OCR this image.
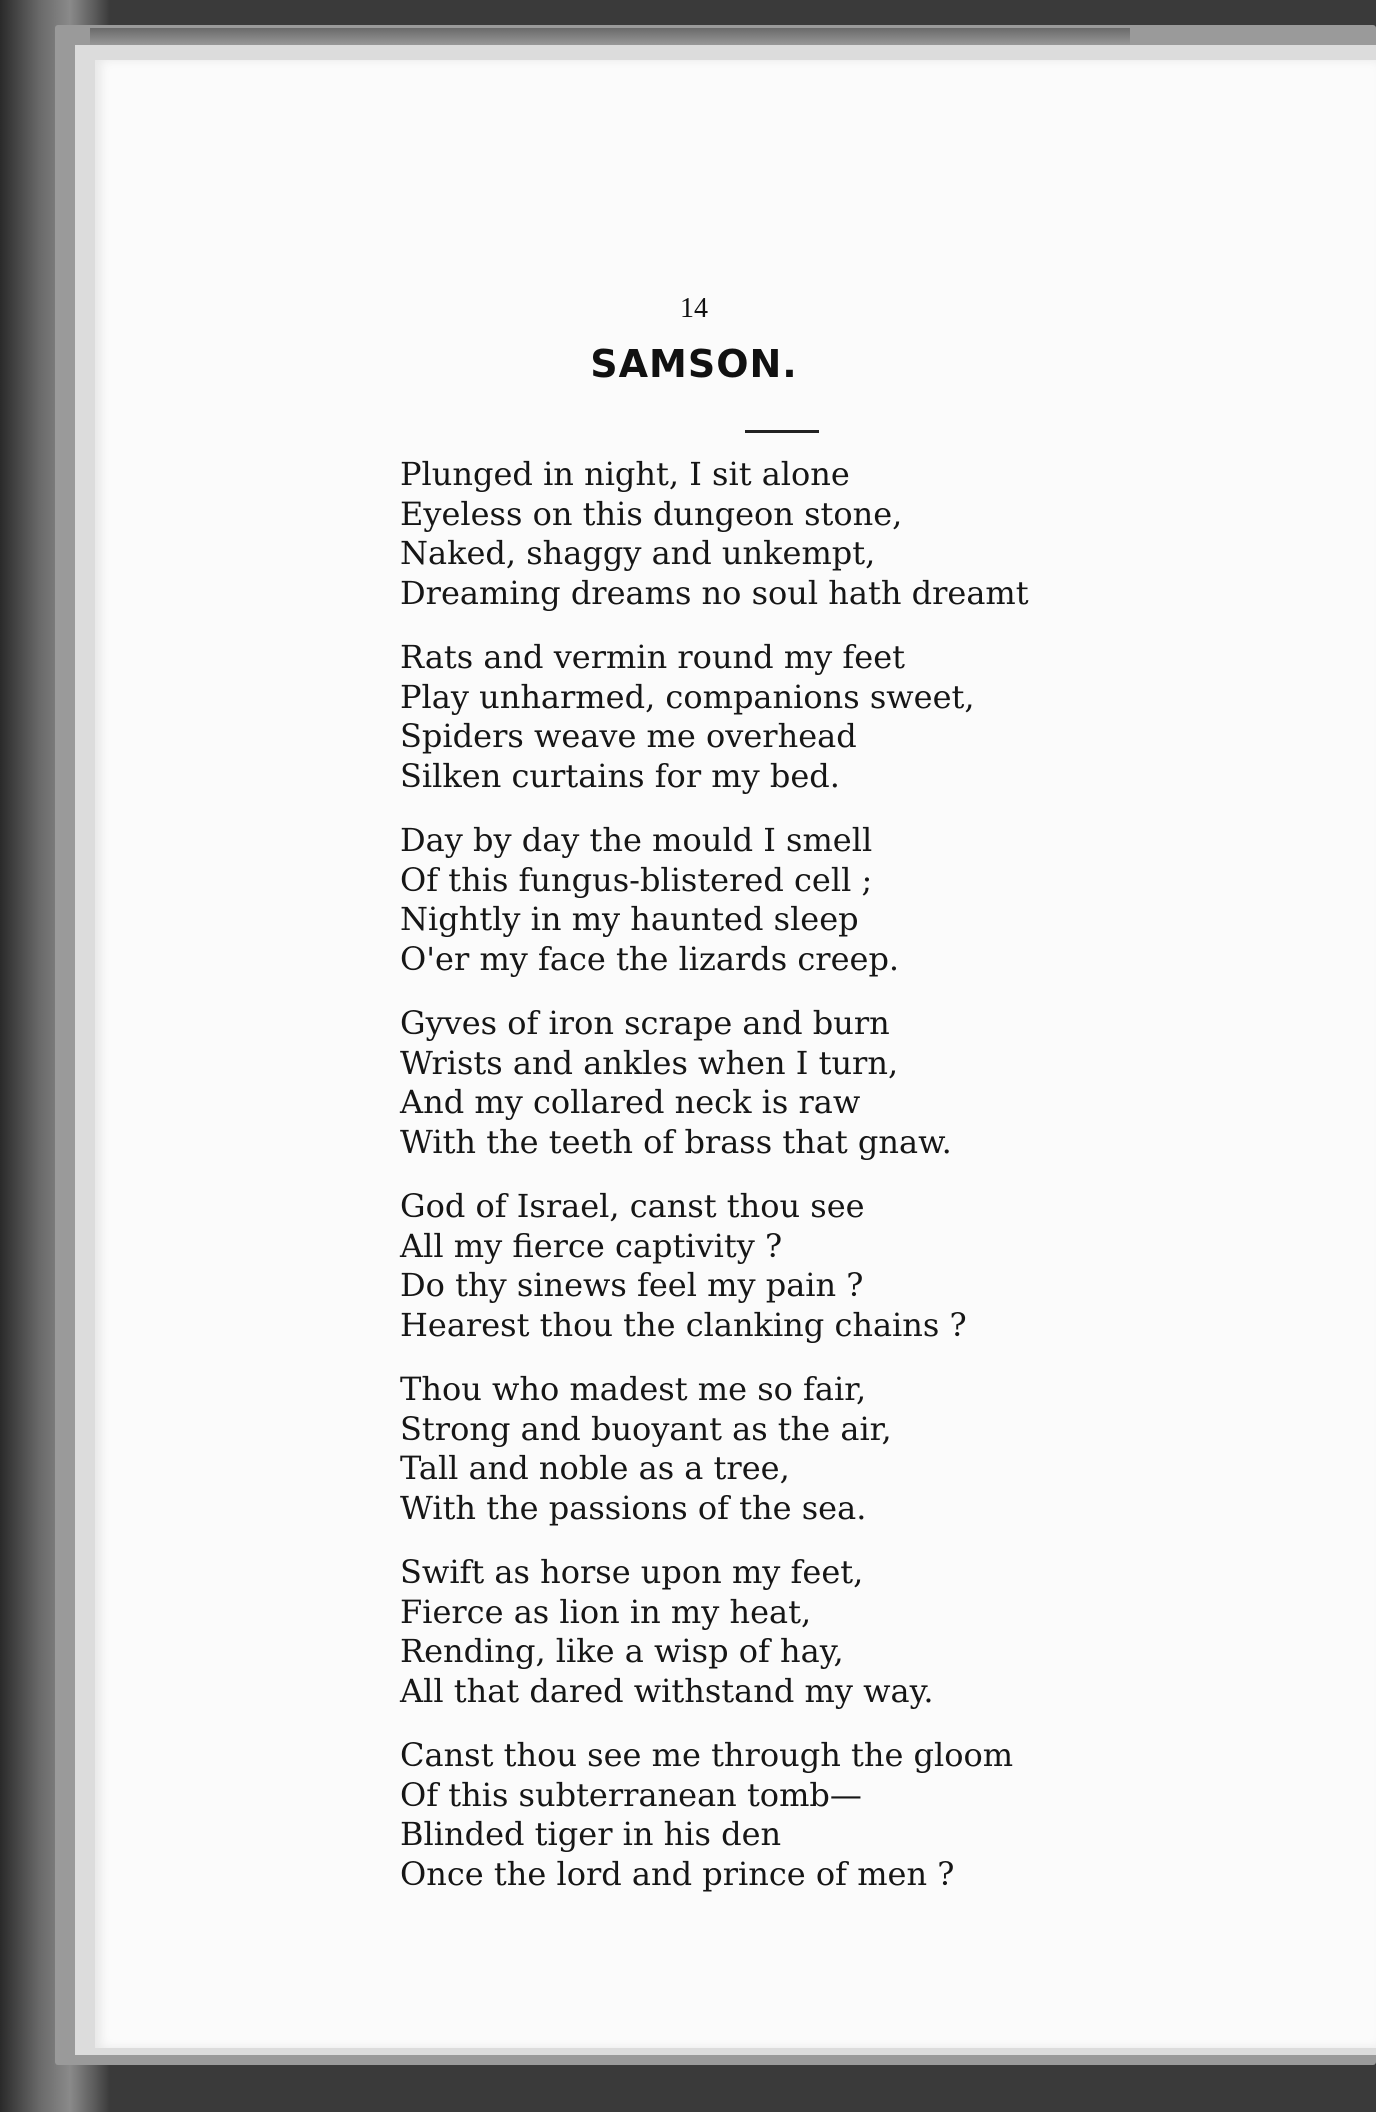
14
SAMSON.
Plunged in night, I sit alone
Eyeless on this dungeon stone,
Naked, shaggy and unkempt,
Dreaming dreams no soul hath dreamt
Rats and vermin round my feet
Play unharmed, companions sweet,
Spiders weave me overhead
Silken curtains for my bed.
Day by day the mould I smell
Of this fungus-blistered cell ;
Nightly in my haunted sleep
O'er my face the lizards creep.
Gyves of iron scrape and burn
Wrists and ankles when I turn,
And my collared neck is raw
With the teeth of brass that gnaw.
God of Israel, canst thou see
All my fierce captivity ?
Do thy sinews feel my pain ?
Hearest thou the clanking chains ?
Thou who madest me so fair,
Strong and buoyant as the air,
Tall and noble as a tree,
With the passions of the sea.
Swift as horse upon my feet,
Fierce as lion in my heat,
Rending, like a wisp of hay,
All that dared withstand my way.
Canst thou see me through the gloom
Of this subterranean tomb—
Blinded tiger in his den
Once the lord and prince of men ?
